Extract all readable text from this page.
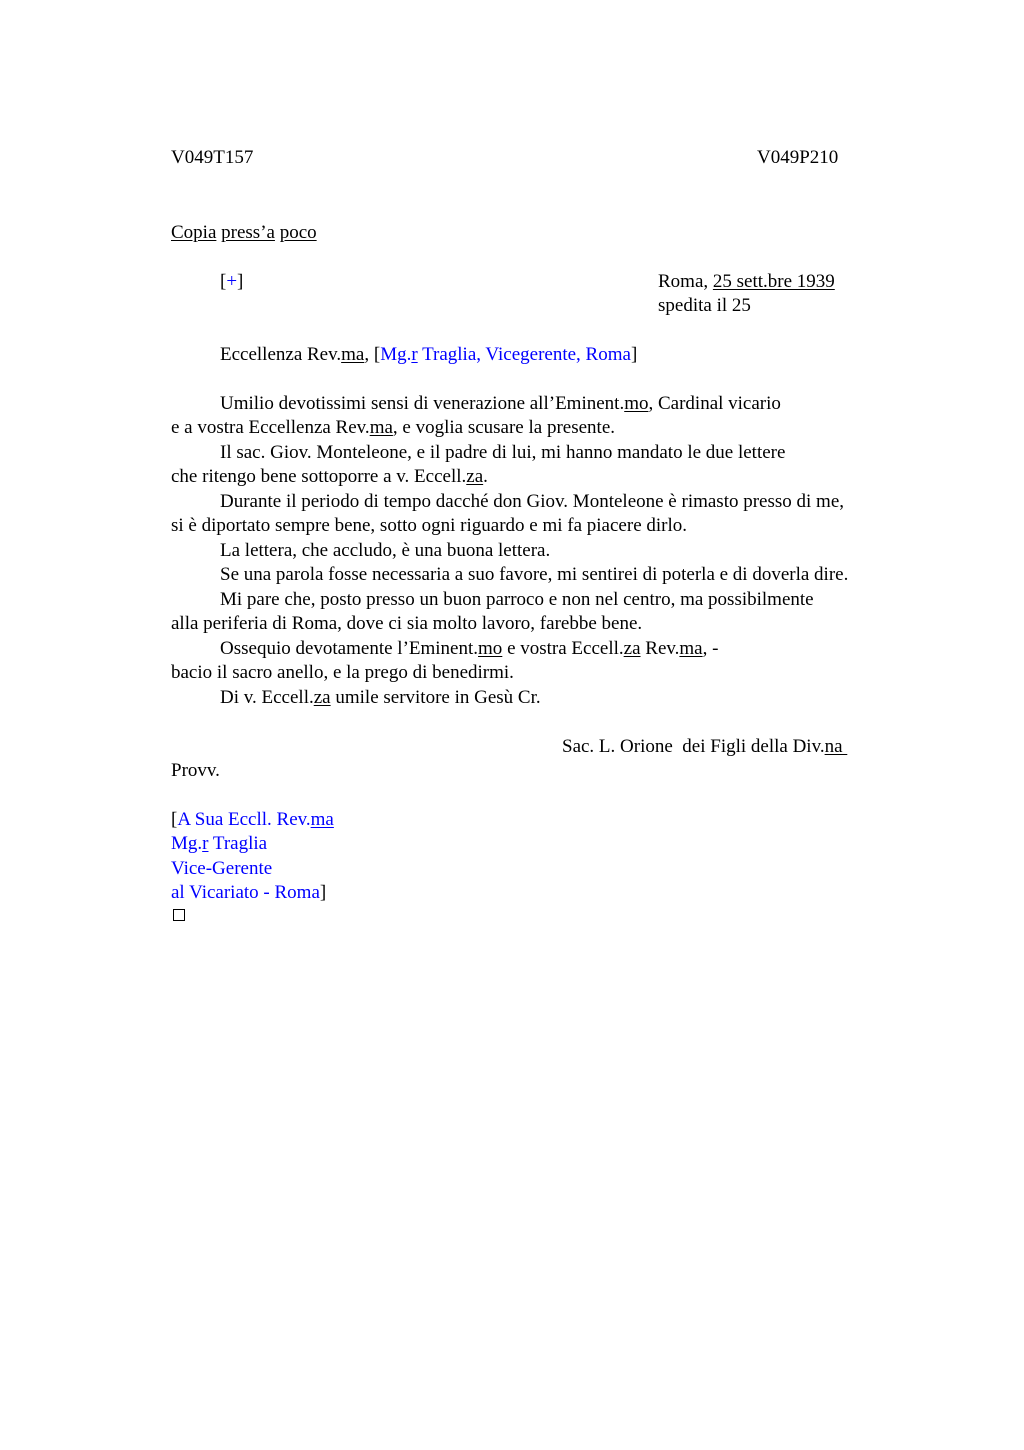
V049T157	V049P210
Copia press’a poco
[+]	Roma, 25 sett.bre 1939
spedita il 25
Eccellenza Rev.ma, [Mg.r Traglia, Vicegerente, Roma]
Umilio devotissimi sensi di venerazione all’Eminent.mo, Cardinal vicario
e a vostra Eccellenza Rev.ma, e voglia scusare la presente.
Il sac. Giov. Monteleone, e il padre di lui, mi hanno mandato le due lettere
che ritengo bene sottoporre a v. Eccell.za.
Durante il periodo di tempo dacché don Giov. Monteleone è rimasto presso di me,
si è diportato sempre bene, sotto ogni riguardo e mi fa piacere dirlo.
La lettera, che accludo, è una buona lettera.
Se una parola fosse necessaria a suo favore, mi sentirei di poterla e di doverla dire.
Mi pare che, posto presso un buon parroco e non nel centro, ma possibilmente
alla periferia di Roma, dove ci sia molto lavoro, farebbe bene.
Ossequio devotamente l’Eminent.mo e vostra Eccell.za Rev.ma, -
bacio il sacro anello, e la prego di benedirmi.
Di v. Eccell.za umile servitore in Gesù Cr.
Sac. L. Orione  dei Figli della Div.na
Provv.
[A Sua Eccll. Rev.ma
Mg.r Traglia
Vice-Gerente
al Vicariato - Roma]
